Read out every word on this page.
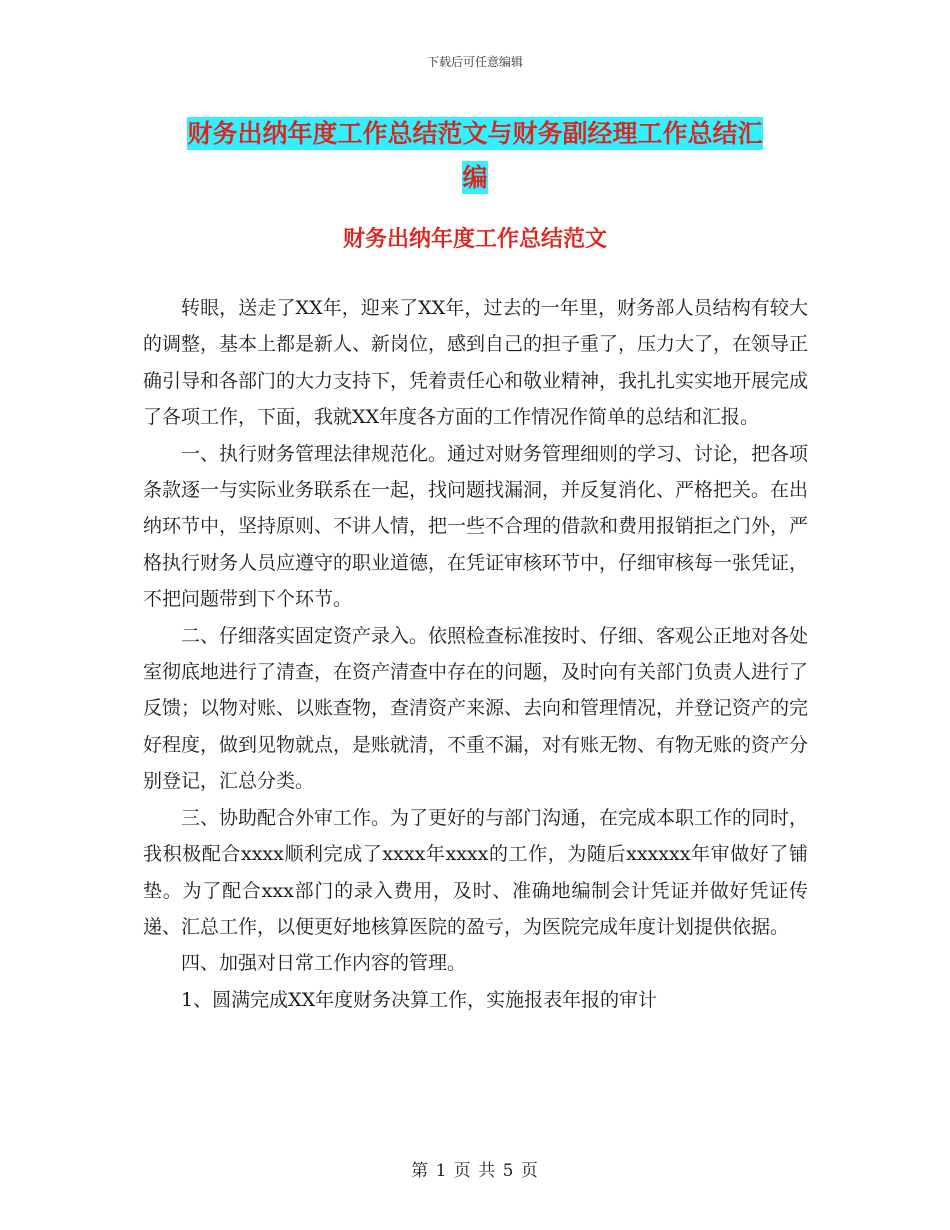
下载后可任意编辑
财务出纳年度工作总结范文与财务副经理工作总结汇
编
财务出纳年度工作总结范文

转眼，送走了XX年，迎来了XX年，过去的一年里，财务部人员结构有较大的调整，基本上都是新人、新岗位，感到自己的担子重了，压力大了，在领导正确引导和各部门的大力支持下，凭着责任心和敬业精神，我扎扎实实地开展完成了各项工作，下面，我就XX年度各方面的工作情况作简单的总结和汇报。

一、执行财务管理法律规范化。通过对财务管理细则的学习、讨论，把各项条款逐一与实际业务联系在一起，找问题找漏洞，并反复消化、严格把关。在出纳环节中，坚持原则、不讲人情，把一些不合理的借款和费用报销拒之门外，严格执行财务人员应遵守的职业道德，在凭证审核环节中，仔细审核每一张凭证，不把问题带到下个环节。

二、仔细落实固定资产录入。依照检查标准按时、仔细、客观公正地对各处室彻底地进行了清查，在资产清查中存在的问题，及时向有关部门负责人进行了反馈；以物对账、以账查物，查清资产来源、去向和管理情况，并登记资产的完好程度，做到见物就点，是账就清，不重不漏，对有账无物、有物无账的资产分别登记，汇总分类。

三、协助配合外审工作。为了更好的与部门沟通，在完成本职工作的同时，我积极配合xxxx顺利完成了xxxx年xxxx的工作，为随后xxxxxx年审做好了铺垫。为了配合xxx部门的录入费用，及时、准确地编制会计凭证并做好凭证传递、汇总工作，以便更好地核算医院的盈亏，为医院完成年度计划提供依据。

四、加强对日常工作内容的管理。

1、圆满完成XX年度财务决算工作，实施报表年报的审计

第 1 页 共 5 页
